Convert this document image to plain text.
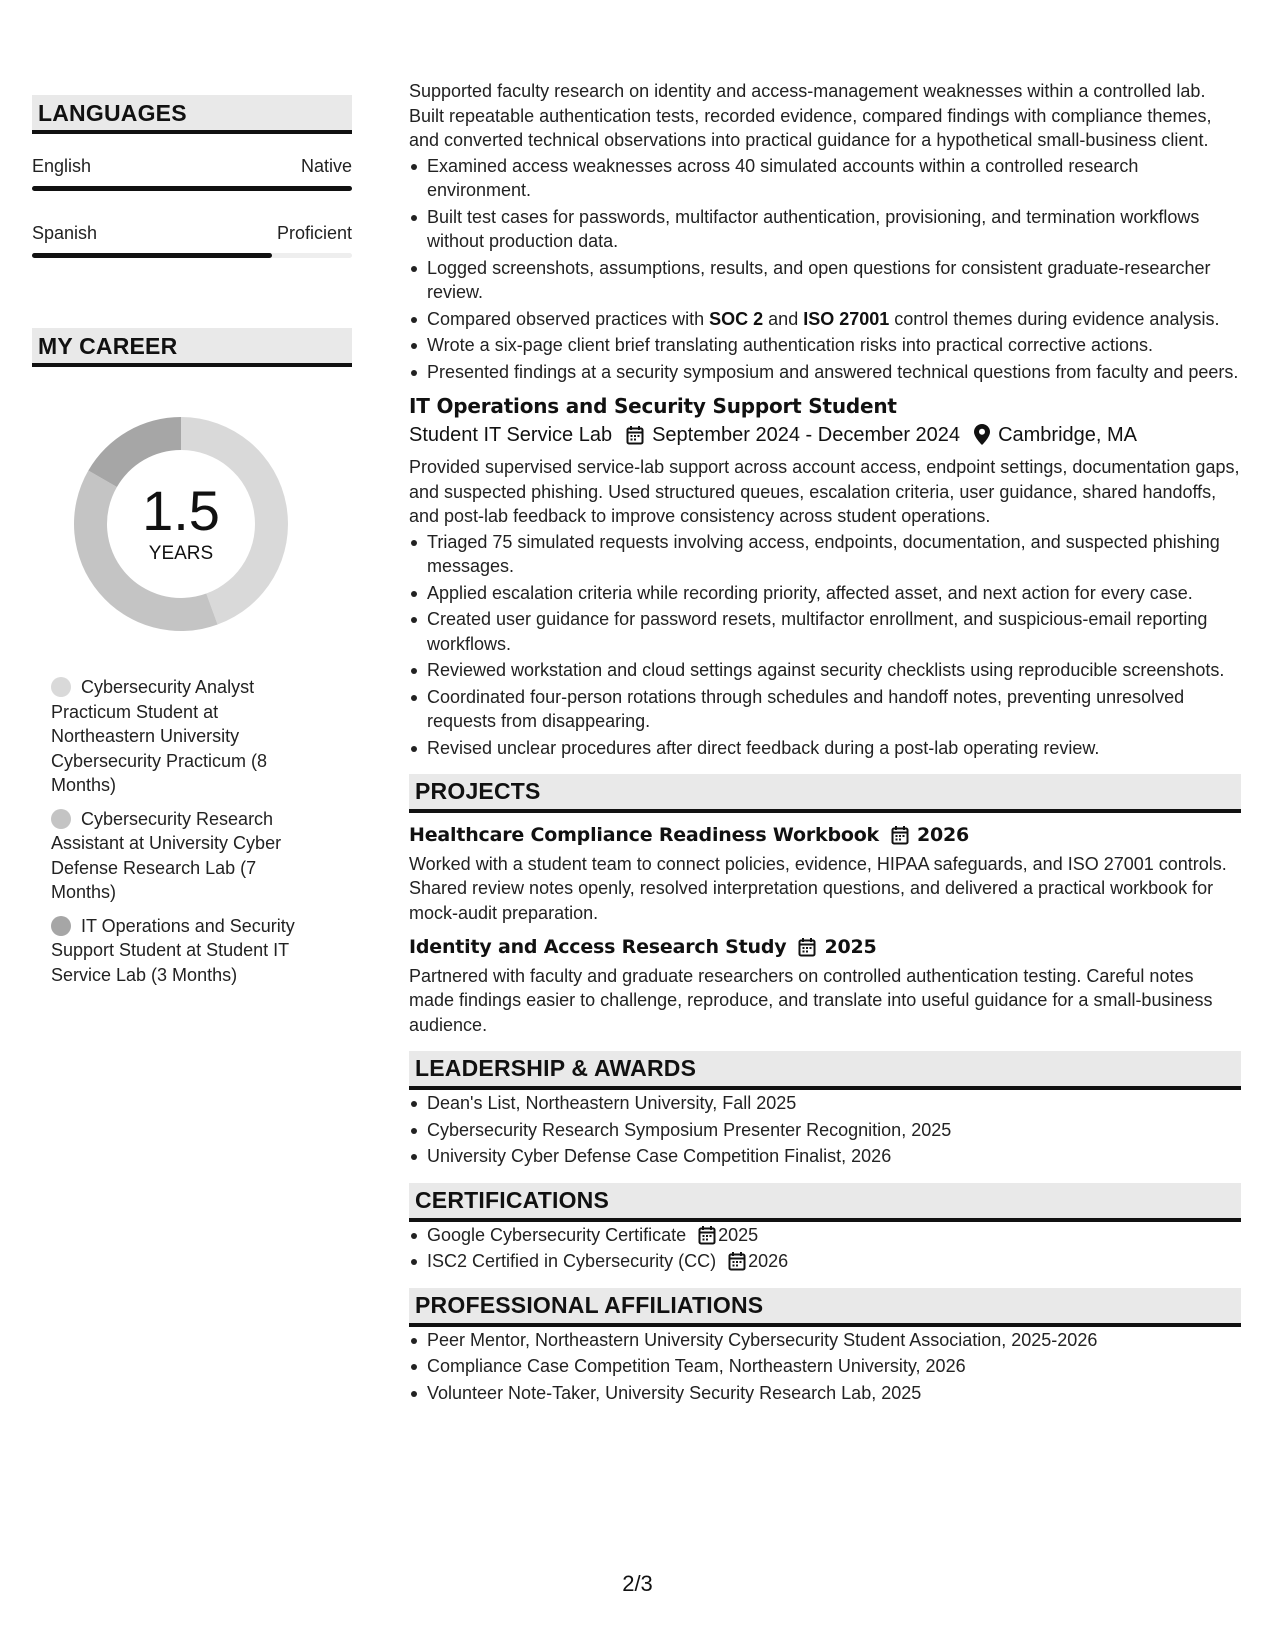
LANGUAGES
English	Native
Spanish	Proficient
MY CAREER
1.5
YEARS
Cybersecurity Analyst Practicum Student at Northeastern University Cybersecurity Practicum (8 Months)
Cybersecurity Research Assistant at University Cyber Defense Research Lab (7 Months)
IT Operations and Security Support Student at Student IT Service Lab (3 Months)

Supported faculty research on identity and access-management weaknesses within a controlled lab. Built repeatable authentication tests, recorded evidence, compared findings with compliance themes, and converted technical observations into practical guidance for a hypothetical small-business client.

Examined access weaknesses across 40 simulated accounts within a controlled research environment.
Built test cases for passwords, multifactor authentication, provisioning, and termination workflows without production data.
Logged screenshots, assumptions, results, and open questions for consistent graduate-researcher review.
Compared observed practices with SOC 2 and ISO 27001 control themes during evidence analysis.
Wrote a six-page client brief translating authentication risks into practical corrective actions.
Presented findings at a security symposium and answered technical questions from faculty and peers.
IT Operations and Security Support Student
Student IT Service Lab September 2024 - December 2024 Cambridge, MA

Provided supervised service-lab support across account access, endpoint settings, documentation gaps, and suspected phishing. Used structured queues, escalation criteria, user guidance, shared handoffs, and post-lab feedback to improve consistency across student operations.

Triaged 75 simulated requests involving access, endpoints, documentation, and suspected phishing messages.
Applied escalation criteria while recording priority, affected asset, and next action for every case.
Created user guidance for password resets, multifactor enrollment, and suspicious-email reporting workflows.
Reviewed workstation and cloud settings against security checklists using reproducible screenshots.
Coordinated four-person rotations through schedules and handoff notes, preventing unresolved requests from disappearing.
Revised unclear procedures after direct feedback during a post-lab operating review.
PROJECTS
Healthcare Compliance Readiness Workbook 2026

Worked with a student team to connect policies, evidence, HIPAA safeguards, and ISO 27001 controls. Shared review notes openly, resolved interpretation questions, and delivered a practical workbook for mock-audit preparation.

Identity and Access Research Study 2025

Partnered with faculty and graduate researchers on controlled authentication testing. Careful notes made findings easier to challenge, reproduce, and translate into useful guidance for a small-business audience.

LEADERSHIP & AWARDS
Dean's List, Northeastern University, Fall 2025
Cybersecurity Research Symposium Presenter Recognition, 2025
University Cyber Defense Case Competition Finalist, 2026
CERTIFICATIONS
Google Cybersecurity Certificate 2025
ISC2 Certified in Cybersecurity (CC) 2026
PROFESSIONAL AFFILIATIONS
Peer Mentor, Northeastern University Cybersecurity Student Association, 2025-2026
Compliance Case Competition Team, Northeastern University, 2026
Volunteer Note-Taker, University Security Research Lab, 2025
2/3
